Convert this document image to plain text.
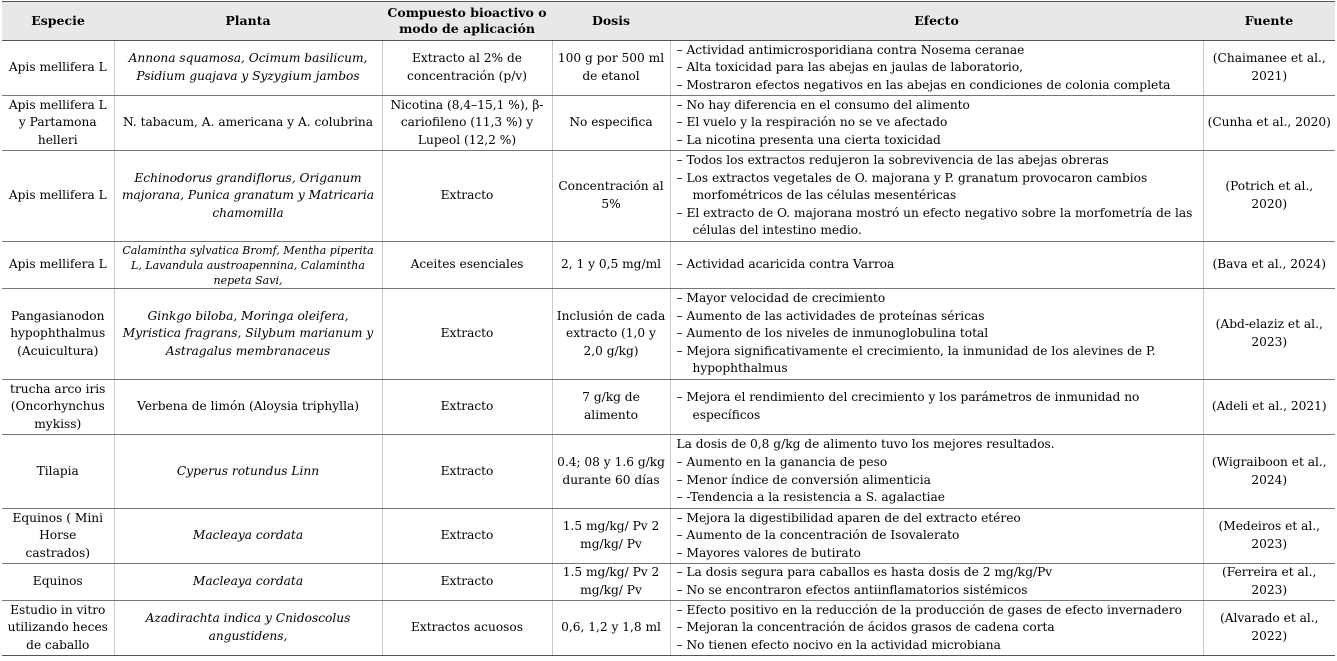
Especie	Planta	Compuesto bioactivo o modo de aplicación	Dosis	Efecto	Fuente
Apis mellifera L	Annona squamosa, Ocimum basilicum, Psidium guajava y Syzygium jambos	Extracto al 2% de concentración (p/v)	100 g por 500 ml de etanol	– Actividad antimicrosporidiana contra Nosema ceranae
– Alta toxicidad para las abejas en jaulas de laboratorio,
– Mostraron efectos negativos en las abejas en condiciones de colonia completa	(Chaimanee et al., 2021)
Apis mellifera L y Partamona helleri	N. tabacum, A. americana y A. colubrina	Nicotina (8,4–15,1 %), β-cariofileno (11,3 %) y Lupeol (12,2 %)	No especifica	– No hay diferencia en el consumo del alimento
– El vuelo y la respiración no se ve afectado
– La nicotina presenta una cierta toxicidad	(Cunha et al., 2020)
Apis mellifera L	Echinodorus grandiflorus, Origanum majorana, Punica granatum y Matricaria chamomilla	Extracto	Concentración al 5%	– Todos los extractos redujeron la sobrevivencia de las abejas obreras
– Los extractos vegetales de O. majorana y P. granatum provocaron cambios morfométricos de las células mesentéricas
– El extracto de O. majorana mostró un efecto negativo sobre la morfometría de las células del intestino medio.	(Potrich et al., 2020)
Apis mellifera L	Calamintha sylvatica Bromf, Mentha piperita L, Lavandula austroapennina, Calamintha nepeta Savi,	Aceites esenciales	2, 1 y 0,5 mg/ml	– Actividad acaricida contra Varroa	(Bava et al., 2024)
Pangasianodon hypophthalmus (Acuicultura)	Ginkgo biloba, Moringa oleifera, Myristica fragrans, Silybum marianum y Astragalus membranaceus	Extracto	Inclusión de cada extracto (1,0 y 2,0 g/kg)	– Mayor velocidad de crecimiento
– Aumento de las actividades de proteínas séricas
– Aumento de los niveles de inmunoglobulina total
– Mejora significativamente el crecimiento, la inmunidad de los alevines de P. hypophthalmus	(Abd-elaziz et al., 2023)
trucha arco iris (Oncorhynchus mykiss)	Verbena de limón (Aloysia triphylla)	Extracto	7 g/kg de alimento	– Mejora el rendimiento del crecimiento y los parámetros de inmunidad no específicos	(Adeli et al., 2021)
Tilapia	Cyperus rotundus Linn	Extracto	0.4; 08 y 1.6 g/kg durante 60 días	La dosis de 0,8 g/kg de alimento tuvo los mejores resultados.
– Aumento en la ganancia de peso
– Menor índice de conversión alimenticia
– -Tendencia a la resistencia a S. agalactiae	(Wigraiboon et al., 2024)
Equinos ( Mini Horse castrados)	Macleaya cordata	Extracto	1.5 mg/kg/ Pv 2 mg/kg/ Pv	– Mejora la digestibilidad aparen de del extracto etéreo
– Aumento de la concentración de Isovalerato
– Mayores valores de butirato	(Medeiros et al., 2023)
Equinos	Macleaya cordata	Extracto	1.5 mg/kg/ Pv 2 mg/kg/ Pv	– La dosis segura para caballos es hasta dosis de 2 mg/kg/Pv
– No se encontraron efectos antiinflamatorios sistémicos	(Ferreira et al., 2023)
Estudio in vitro utilizando heces de caballo	Azadirachta indica y Cnidoscolus angustidens,	Extractos acuosos	0,6, 1,2 y 1,8 ml	– Efecto positivo en la reducción de la producción de gases de efecto invernadero
– Mejoran la concentración de ácidos grasos de cadena corta
– No tienen efecto nocivo en la actividad microbiana	(Alvarado et al., 2022)
